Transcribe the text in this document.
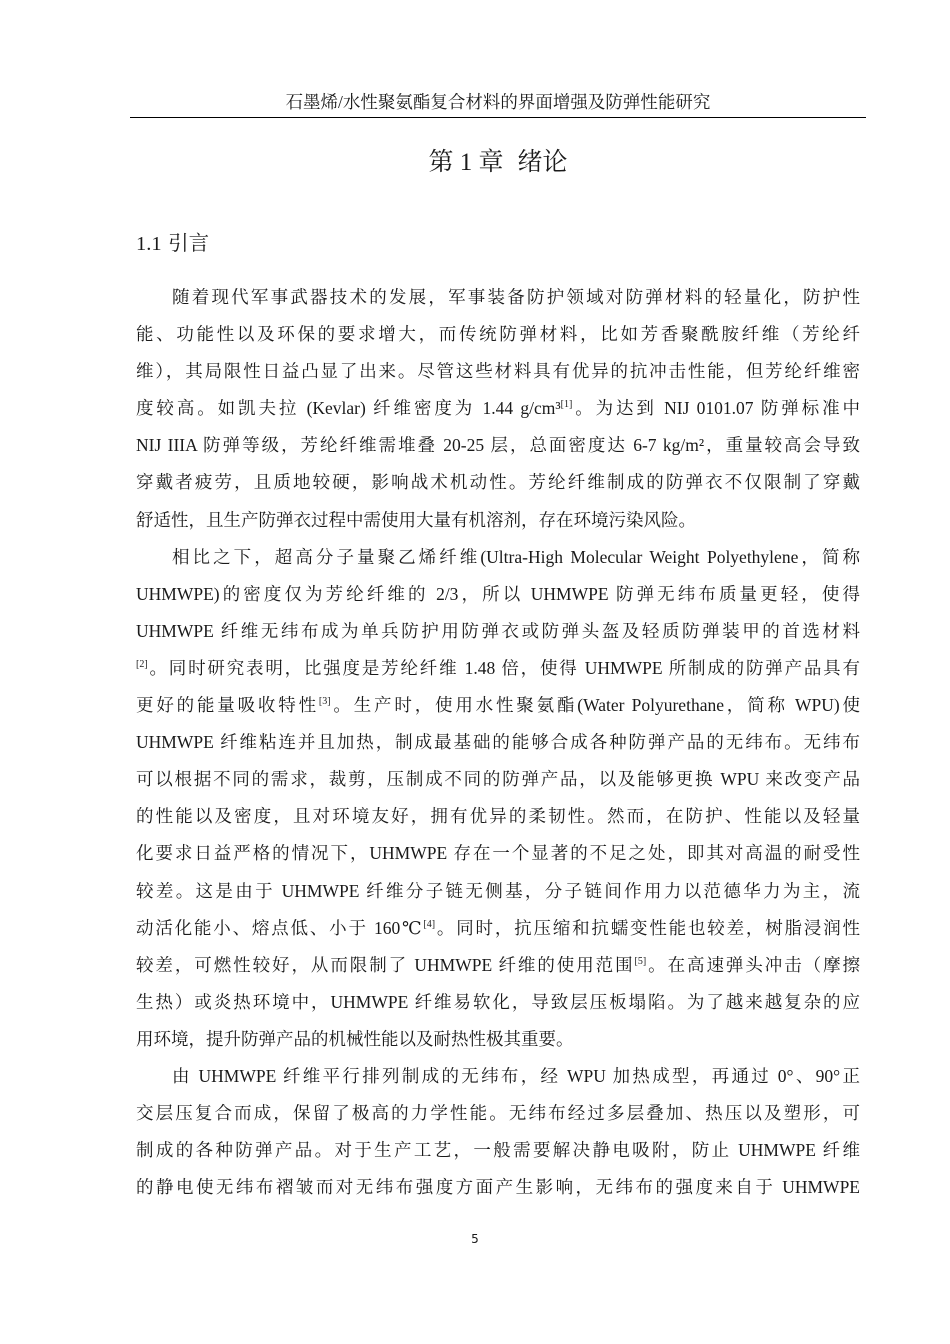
石墨烯/水性聚氨酯复合材料的界面增强及防弹性能研究
第 1 章 绪论
1.1 引言
随着现代军事武器技术的发展，军事装备防护领域对防弹材料的轻量化，防护性
能、功能性以及环保的要求增大，而传统防弹材料，比如芳香聚酰胺纤维（芳纶纤
维），其局限性日益凸显了出来。尽管这些材料具有优异的抗冲击性能，但芳纶纤维密
度较高。如凯夫拉 (Kevlar) 纤维密度为 1.44 g/cm³[1]。为达到 NIJ 0101.07 防弹标准中
NIJ IIIA 防弹等级，芳纶纤维需堆叠 20-25 层，总面密度达 6-7 kg/m²，重量较高会导致
穿戴者疲劳，且质地较硬，影响战术机动性。芳纶纤维制成的防弹衣不仅限制了穿戴
舒适性，且生产防弹衣过程中需使用大量有机溶剂，存在环境污染风险。
相比之下，超高分子量聚乙烯纤维(Ultra-High Molecular Weight Polyethylene，简称
UHMWPE)的密度仅为芳纶纤维的 2/3，所以 UHMWPE 防弹无纬布质量更轻，使得
UHMWPE 纤维无纬布成为单兵防护用防弹衣或防弹头盔及轻质防弹装甲的首选材料
[2]。同时研究表明，比强度是芳纶纤维 1.48 倍，使得 UHMWPE 所制成的防弹产品具有
更好的能量吸收特性[3]。生产时，使用水性聚氨酯(Water Polyurethane，简称 WPU)使
UHMWPE 纤维粘连并且加热，制成最基础的能够合成各种防弹产品的无纬布。无纬布
可以根据不同的需求，裁剪，压制成不同的防弹产品，以及能够更换 WPU 来改变产品
的性能以及密度，且对环境友好，拥有优异的柔韧性。然而，在防护、性能以及轻量
化要求日益严格的情况下，UHMWPE 存在一个显著的不足之处，即其对高温的耐受性
较差。这是由于 UHMWPE 纤维分子链无侧基，分子链间作用力以范德华力为主，流
动活化能小、熔点低、小于 160℃[4]。同时，抗压缩和抗蠕变性能也较差，树脂浸润性
较差，可燃性较好，从而限制了 UHMWPE 纤维的使用范围[5]。在高速弹头冲击（摩擦
生热）或炎热环境中，UHMWPE 纤维易软化，导致层压板塌陷。为了越来越复杂的应
用环境，提升防弹产品的机械性能以及耐热性极其重要。
由 UHMWPE 纤维平行排列制成的无纬布，经 WPU 加热成型，再通过 0°、90°正
交层压复合而成，保留了极高的力学性能。无纬布经过多层叠加、热压以及塑形，可
制成的各种防弹产品。对于生产工艺，一般需要解决静电吸附，防止 UHMWPE 纤维
的静电使无纬布褶皱而对无纬布强度方面产生影响，无纬布的强度来自于 UHMWPE
5
